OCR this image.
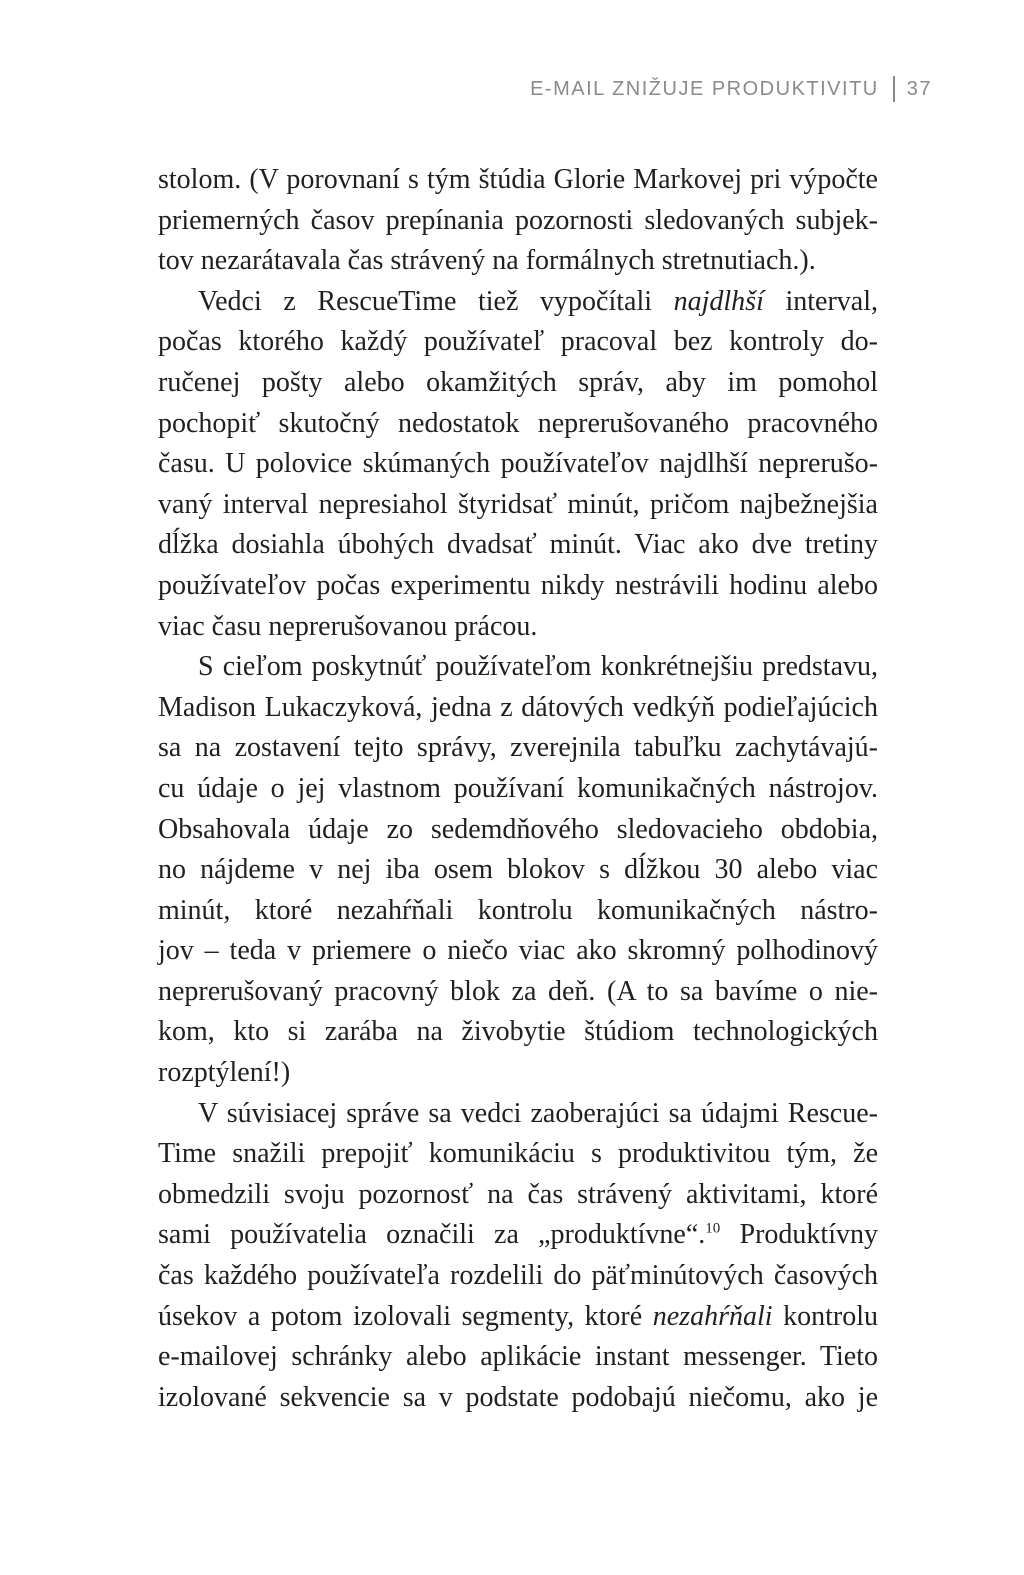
E-MAIL ZNIŽUJE PRODUKTIVITU 37
stolom. (V porovnaní s tým štúdia Glorie Markovej pri výpočte
priemerných časov prepínania pozornosti sledovaných subjek-
tov nezarátavala čas strávený na formálnych stretnutiach.).
Vedci z RescueTime tiež vypočítali najdlhší interval,
počas ktorého každý používateľ pracoval bez kontroly do-
ručenej pošty alebo okamžitých správ, aby im pomohol
pochopiť skutočný nedostatok neprerušovaného pracovného
času. U polovice skúmaných používateľov najdlhší neprerušo-
vaný interval nepresiahol štyridsať minút, pričom najbežnejšia
dĺžka dosiahla úbohých dvadsať minút. Viac ako dve tretiny
používateľov počas experimentu nikdy nestrávili hodinu alebo
viac času neprerušovanou prácou.
S cieľom poskytnúť používateľom konkrétnejšiu predstavu,
Madison Lukaczyková, jedna z dátových vedkýň podieľajúcich
sa na zostavení tejto správy, zverejnila tabuľku zachytávajú-
cu údaje o jej vlastnom používaní komunikačných nástrojov.
Obsahovala údaje zo sedemdňového sledovacieho obdobia,
no nájdeme v nej iba osem blokov s dĺžkou 30 alebo viac
minút, ktoré nezahŕňali kontrolu komunikačných nástro-
jov – teda v priemere o niečo viac ako skromný polhodinový
neprerušovaný pracovný blok za deň. (A to sa bavíme o nie-
kom, kto si zarába na živobytie štúdiom technologických
rozptýlení!)
V súvisiacej správe sa vedci zaoberajúci sa údajmi Rescue-
Time snažili prepojiť komunikáciu s produktivitou tým, že
obmedzili svoju pozornosť na čas strávený aktivitami, ktoré
sami používatelia označili za „produktívne“.$^{10}$ Produktívny
čas každého používateľa rozdelili do päťminútových časových
úsekov a potom izolovali segmenty, ktoré nezahŕňali kontrolu
e-mailovej schránky alebo aplikácie instant messenger. Tieto
izolované sekvencie sa v podstate podobajú niečomu, ako je
